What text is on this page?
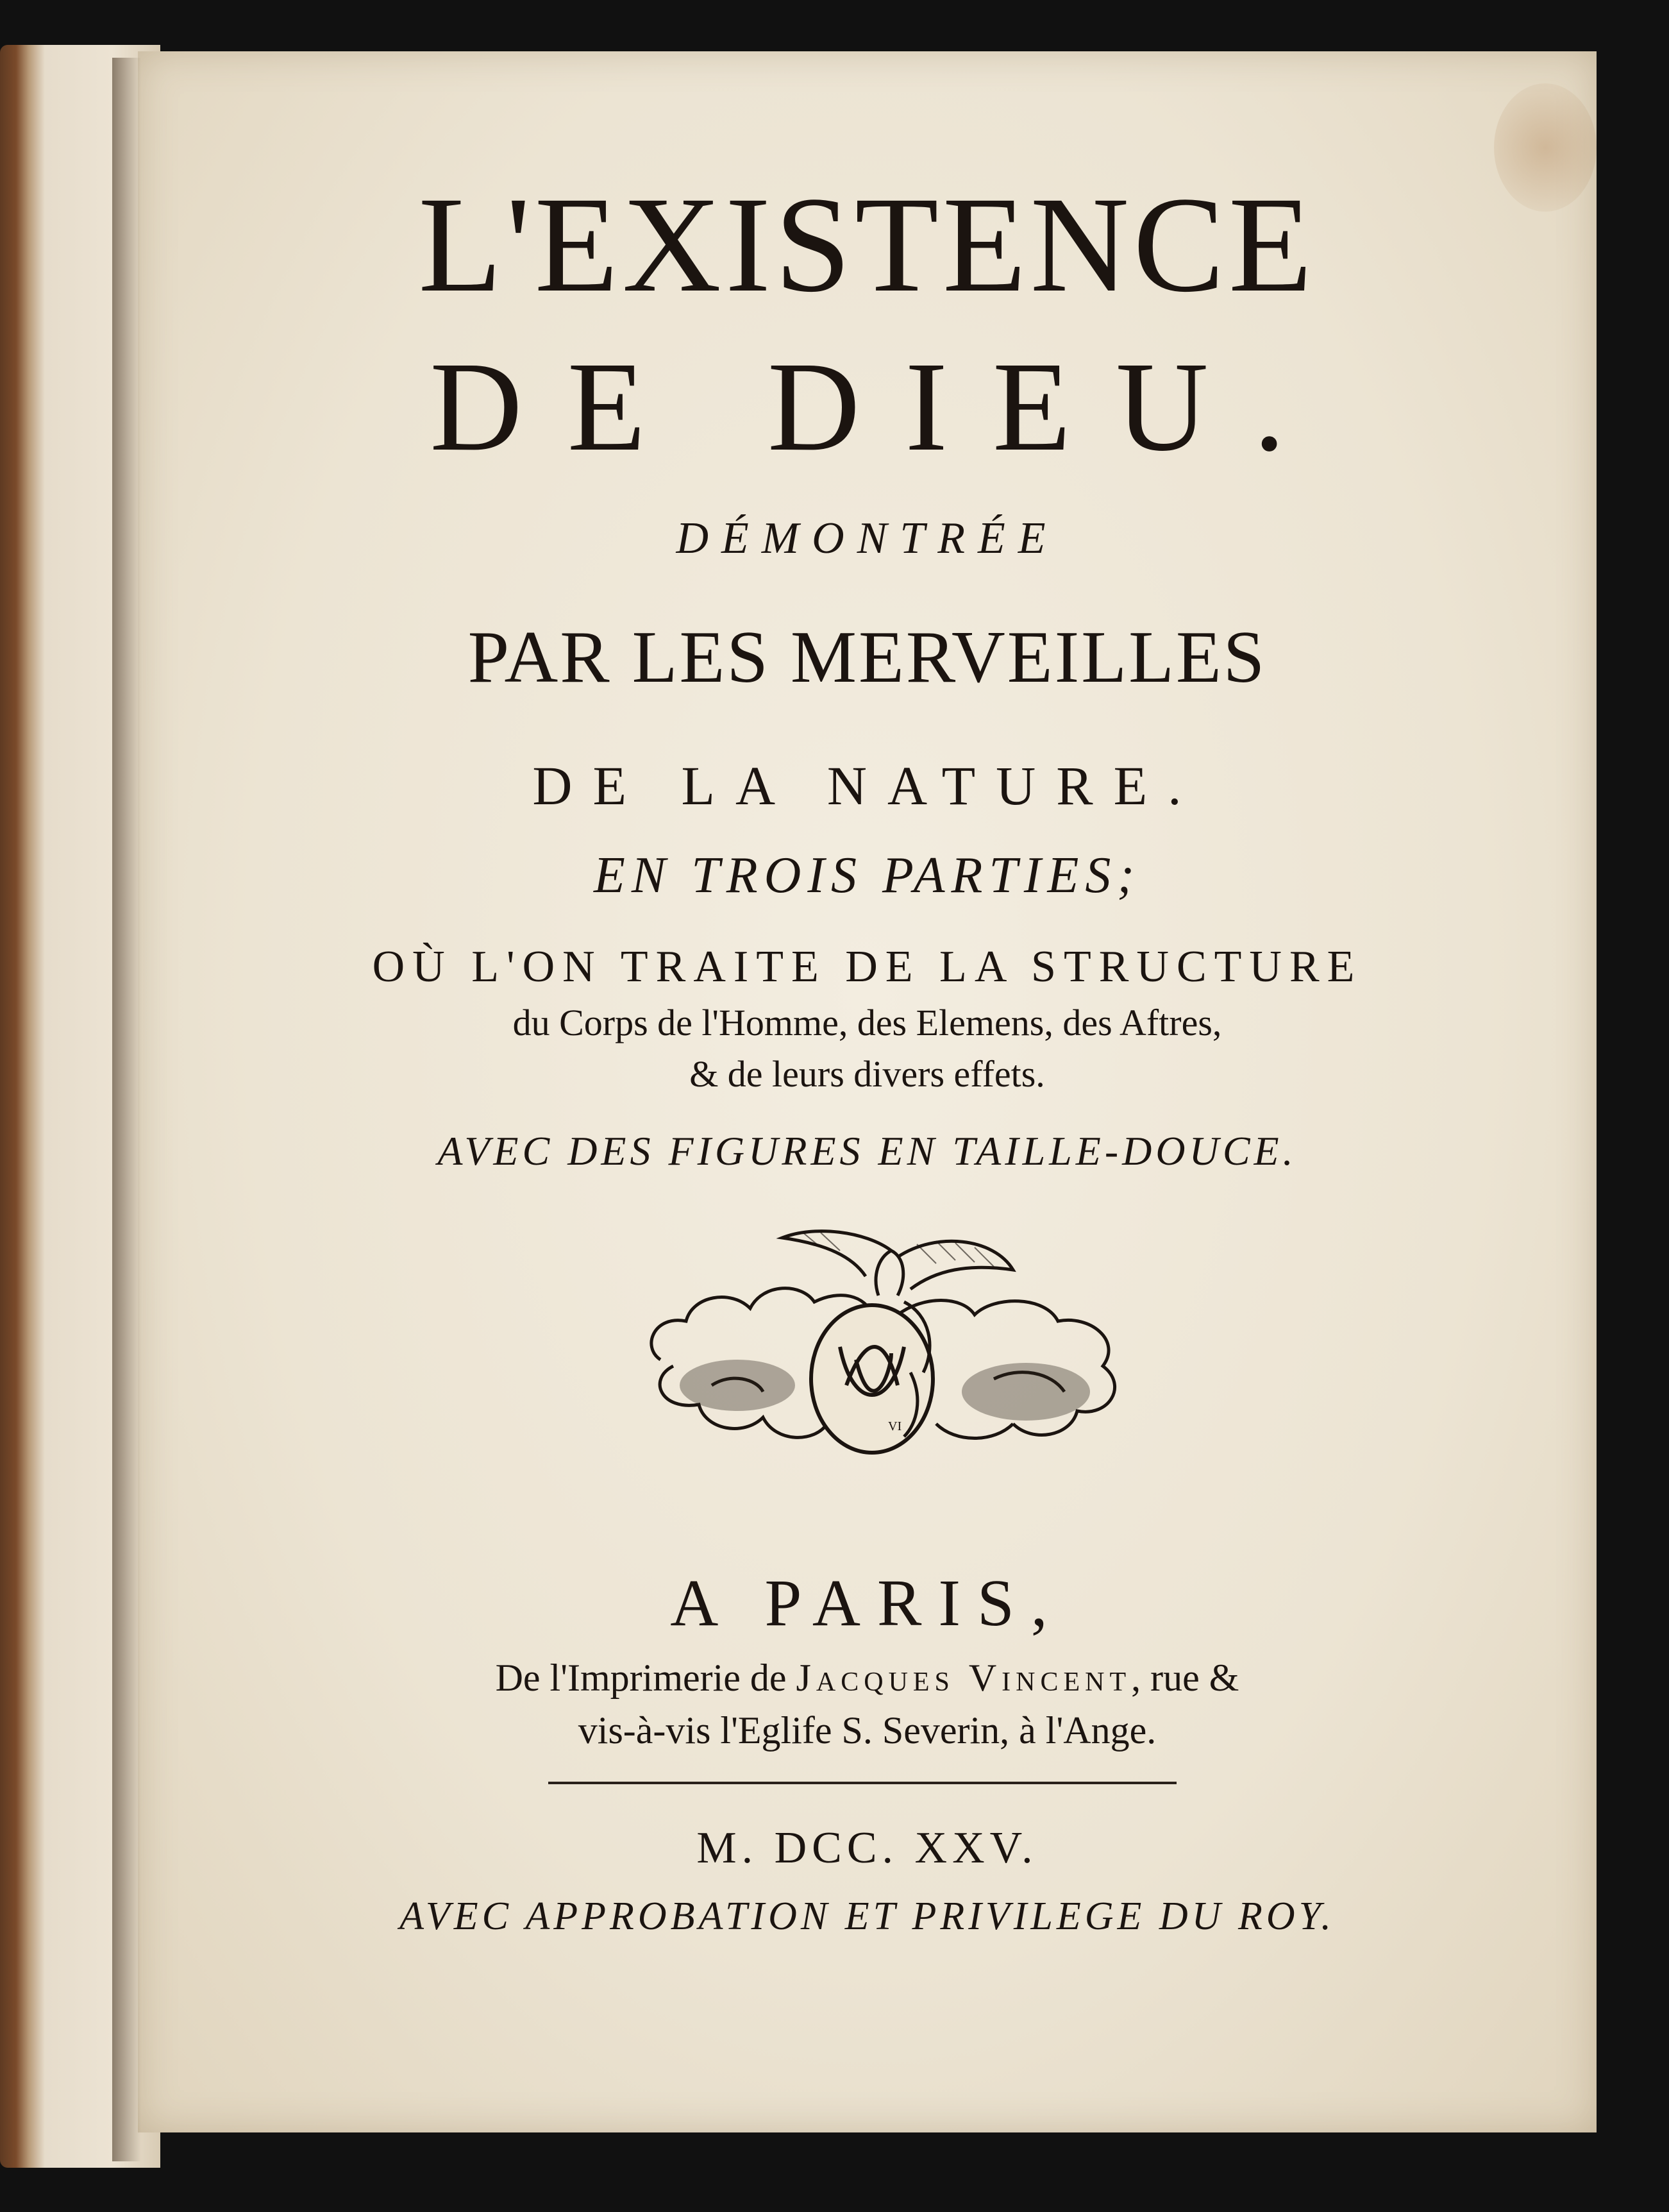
L'EXISTENCE
DE DIEU.
DÉMONTRÉE
PAR LES MERVEILLES
DE LA NATURE.
EN TROIS PARTIES;
OÙ L'ON TRAITE DE LA STRUCTURE
du Corps de l'Homme, des Elemens, des Aftres,
& de leurs divers effets.
AVEC DES FIGURES EN TAILLE-DOUCE.
VI
A PARIS,
De l'Imprimerie de Jacques Vincent, rue &
vis-à-vis l'Eglife S. Severin, à l'Ange.
M. DCC. XXV.
AVEC APPROBATION ET PRIVILEGE DU ROY.
